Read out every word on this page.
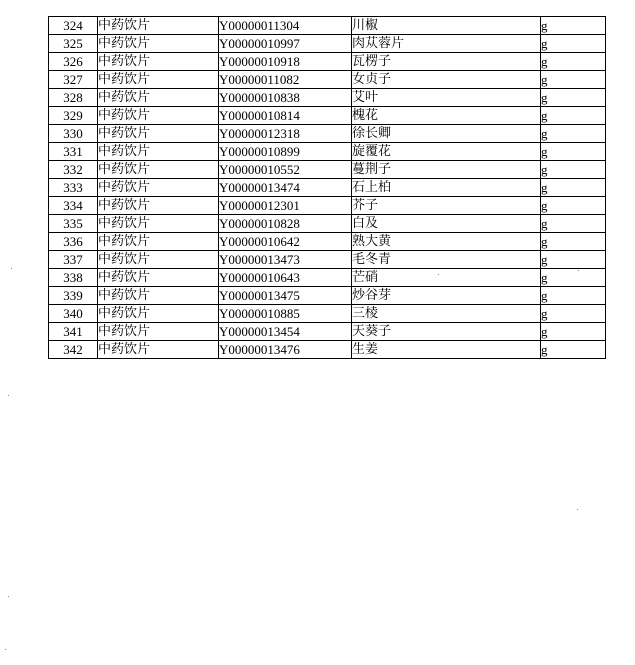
324	中药饮片	Y00000011304	川椒	g
325	中药饮片	Y00000010997	肉苁蓉片	g
326	中药饮片	Y00000010918	瓦楞子	g
327	中药饮片	Y00000011082	女贞子	g
328	中药饮片	Y00000010838	艾叶	g
329	中药饮片	Y00000010814	槐花	g
330	中药饮片	Y00000012318	徐长卿	g
331	中药饮片	Y00000010899	旋覆花	g
332	中药饮片	Y00000010552	蔓荆子	g
333	中药饮片	Y00000013474	石上柏	g
334	中药饮片	Y00000012301	芥子	g
335	中药饮片	Y00000010828	白及	g
336	中药饮片	Y00000010642	熟大黄	g
337	中药饮片	Y00000013473	毛冬青	g
338	中药饮片	Y00000010643	芒硝	g
339	中药饮片	Y00000013475	炒谷芽	g
340	中药饮片	Y00000010885	三棱	g
341	中药饮片	Y00000013454	天葵子	g
342	中药饮片	Y00000013476	生姜	g
